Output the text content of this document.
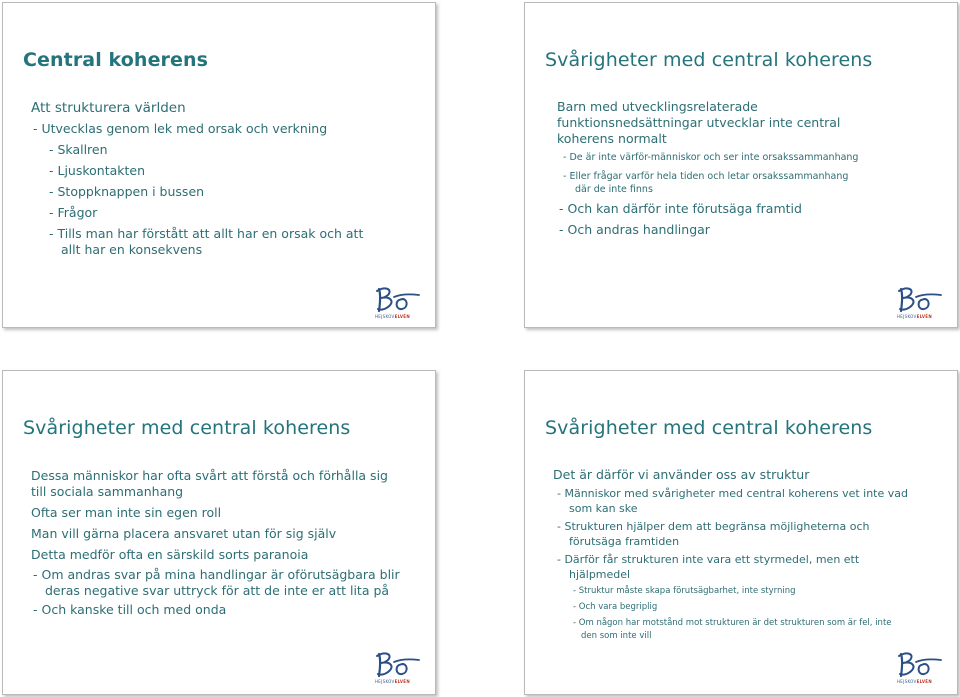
Central koherens
Att strukturera världen
- Utvecklas genom lek med orsak och verkning
- Skallren
- Ljuskontakten
- Stoppknappen i bussen
- Frågor
- Tills man har förstått att allt har en orsak och att
allt har en konsekvens
HEJSKOVELVÉN
Svårigheter med central koherens
Barn med utvecklingsrelaterade
funktionsnedsättningar utvecklar inte central
koherens normalt
- De är inte värför-människor och ser inte orsakssammanhang
- Eller frågar varför hela tiden och letar orsakssammanhang
där de inte finns
- Och kan därför inte förutsäga framtid
- Och andras handlingar
HEJSKOVELVÉN
Svårigheter med central koherens
Dessa människor har ofta svårt att förstå och förhålla sig
till sociala sammanhang
Ofta ser man inte sin egen roll
Man vill gärna placera ansvaret utan för sig själv
Detta medför ofta en särskild sorts paranoia
- Om andras svar på mina handlingar är oförutsägbara blir
deras negative svar uttryck för att de inte er att lita på
- Och kanske till och med onda
HEJSKOVELVÉN
Svårigheter med central koherens
Det är därför vi använder oss av struktur
- Människor med svårigheter med central koherens vet inte vad
som kan ske
- Strukturen hjälper dem att begränsa möjligheterna och
förutsäga framtiden
- Därför får strukturen inte vara ett styrmedel, men ett
hjälpmedel
- Struktur måste skapa förutsägbarhet, inte styrning
- Och vara begriplig
- Om någon har motstånd mot strukturen är det strukturen som är fel, inte
den som inte vill
HEJSKOVELVÉN
